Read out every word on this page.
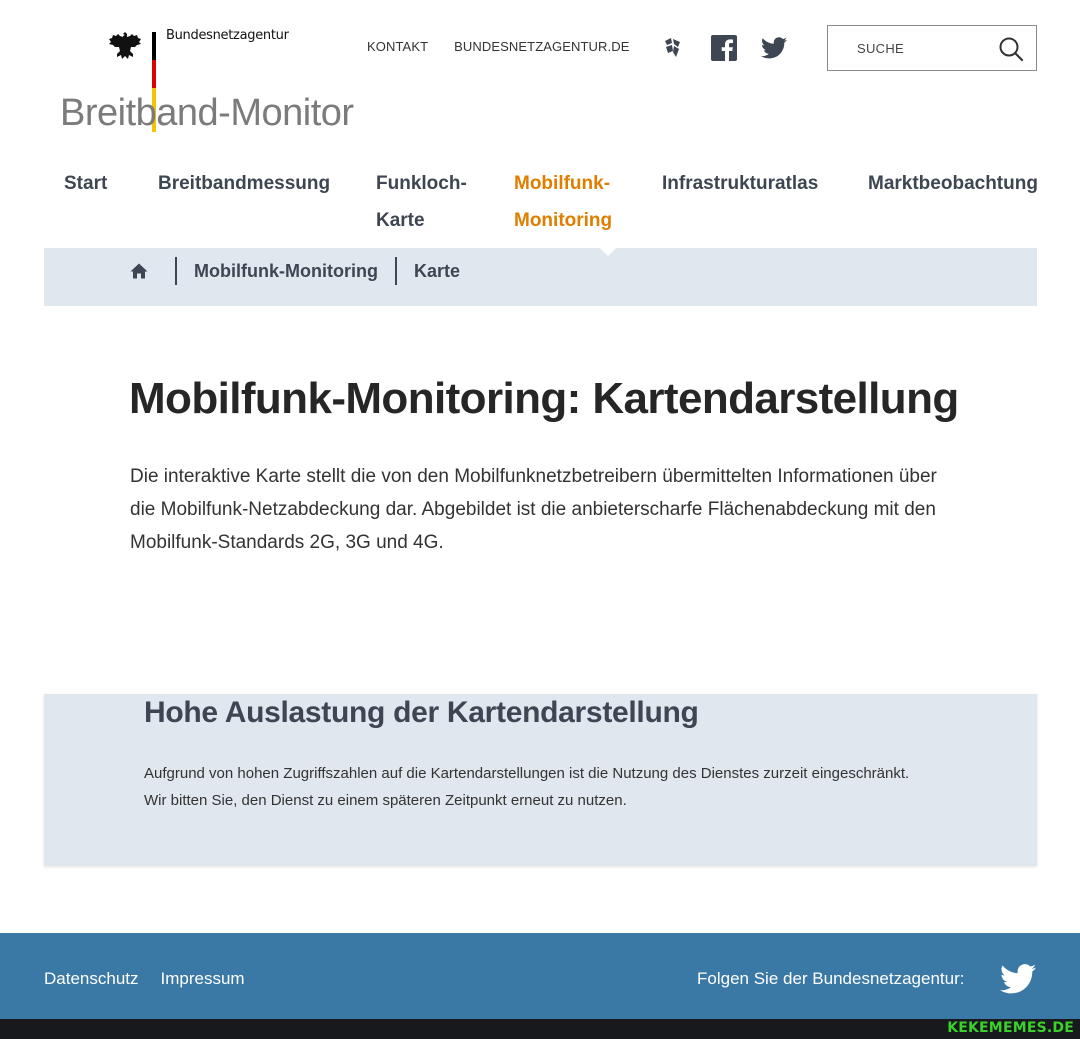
Bundesnetzagentur
Breitband-Monitor
KONTAKT BUNDESNETZAGENTUR.DE
SUCHE
Start	Breitbandmessung Funkloch-
Karte
Mobilfunk-
Monitoring
Infrastrukturatlas	Marktbeobachtung
Mobilfunk-Monitoring Karte
Mobilfunk-Monitoring: Kartendarstellung

Die interaktive Karte stellt die von den Mobilfunknetzbetreibern übermittelten Informationen über die Mobilfunk-Netzabdeckung dar. Abgebildet ist die anbieterscharfe Flächenabdeckung mit den Mobilfunk-Standards 2G, 3G und 4G.

Hohe Auslastung der Kartendarstellung

Aufgrund von hohen Zugriffszahlen auf die Kartendarstellungen ist die Nutzung des Dienstes zurzeit eingeschränkt.

Wir bitten Sie, den Dienst zu einem späteren Zeitpunkt erneut zu nutzen.

Datenschutz Impressum	Folgen Sie der Bundesnetzagentur:
KEKEMEMES.DE
